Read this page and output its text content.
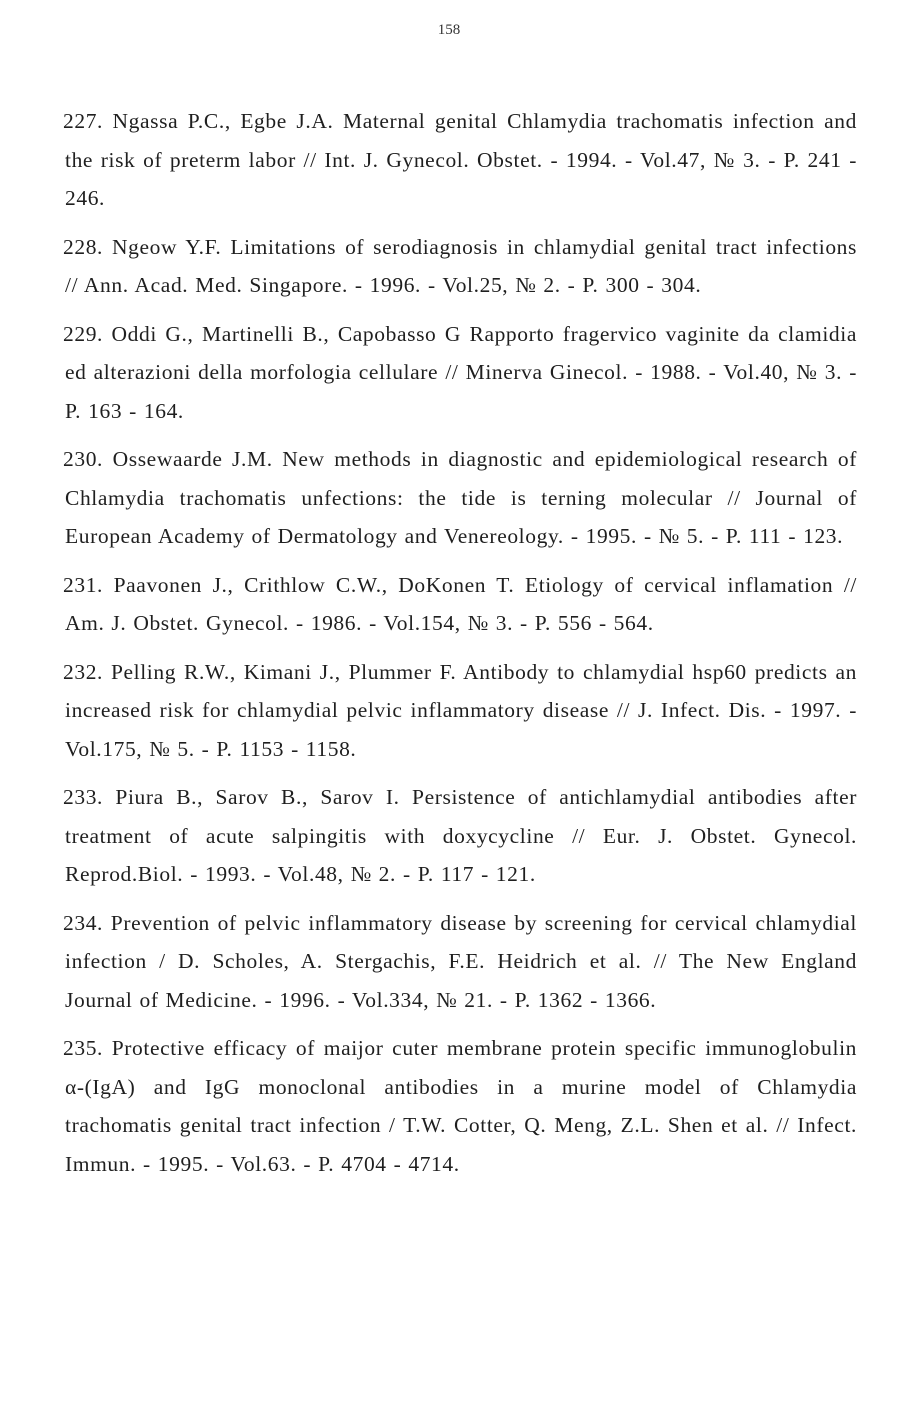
158

227. Ngassa P.C., Egbe J.A. Maternal genital Chlamydia trachomatis infection and the risk of preterm labor // Int. J. Gynecol. Obstet. - 1994. - Vol.47, № 3. - P. 241 - 246.

228. Ngeow Y.F. Limitations of serodiagnosis in chlamydial genital tract infections // Ann. Acad. Med. Singapore. - 1996. - Vol.25, № 2. - P. 300 - 304.

229. Oddi G., Martinelli B., Capobasso G Rapporto fragervico vaginite da clamidia ed alterazioni della morfologia cellulare // Minerva Ginecol. - 1988. - Vol.40, № 3. - P. 163 - 164.

230. Ossewaarde J.M. New methods in diagnostic and epidemiological research of Chlamydia trachomatis unfections: the tide is terning molecular // Journal of European Academy of Dermatology and Venereology. - 1995. - № 5. - P. 111 - 123.

231. Paavonen J., Crithlow C.W., DoKonen T. Etiology of cervical inflamation // Am. J. Obstet. Gynecol. - 1986. - Vol.154, № 3. - P. 556 - 564.

232. Pelling R.W., Kimani J., Plummer F. Antibody to chlamydial hsp60 predicts an increased risk for chlamydial pelvic inflammatory disease // J. Infect. Dis. - 1997. - Vol.175, № 5. - P. 1153 - 1158.

233. Piura B., Sarov B., Sarov I. Persistence of antichlamydial antibodies after treatment of acute salpingitis with doxycycline // Eur. J. Obstet. Gynecol. Reprod.Biol. - 1993. - Vol.48, № 2. - P. 117 - 121.

234. Prevention of pelvic inflammatory disease by screening for cervical chlamydial infection / D. Scholes, A. Stergachis, F.E. Heidrich et al. // The New England Journal of Medicine. - 1996. - Vol.334, № 21. - P. 1362 - 1366.

235. Protective efficacy of maijor cuter membrane protein specific immunoglobulin α-(IgA) and IgG monoclonal antibodies in a murine model of Chlamydia trachomatis genital tract infection / T.W. Cotter, Q. Meng, Z.L. Shen et al. // Infect. Immun. - 1995. - Vol.63. - P. 4704 - 4714.
